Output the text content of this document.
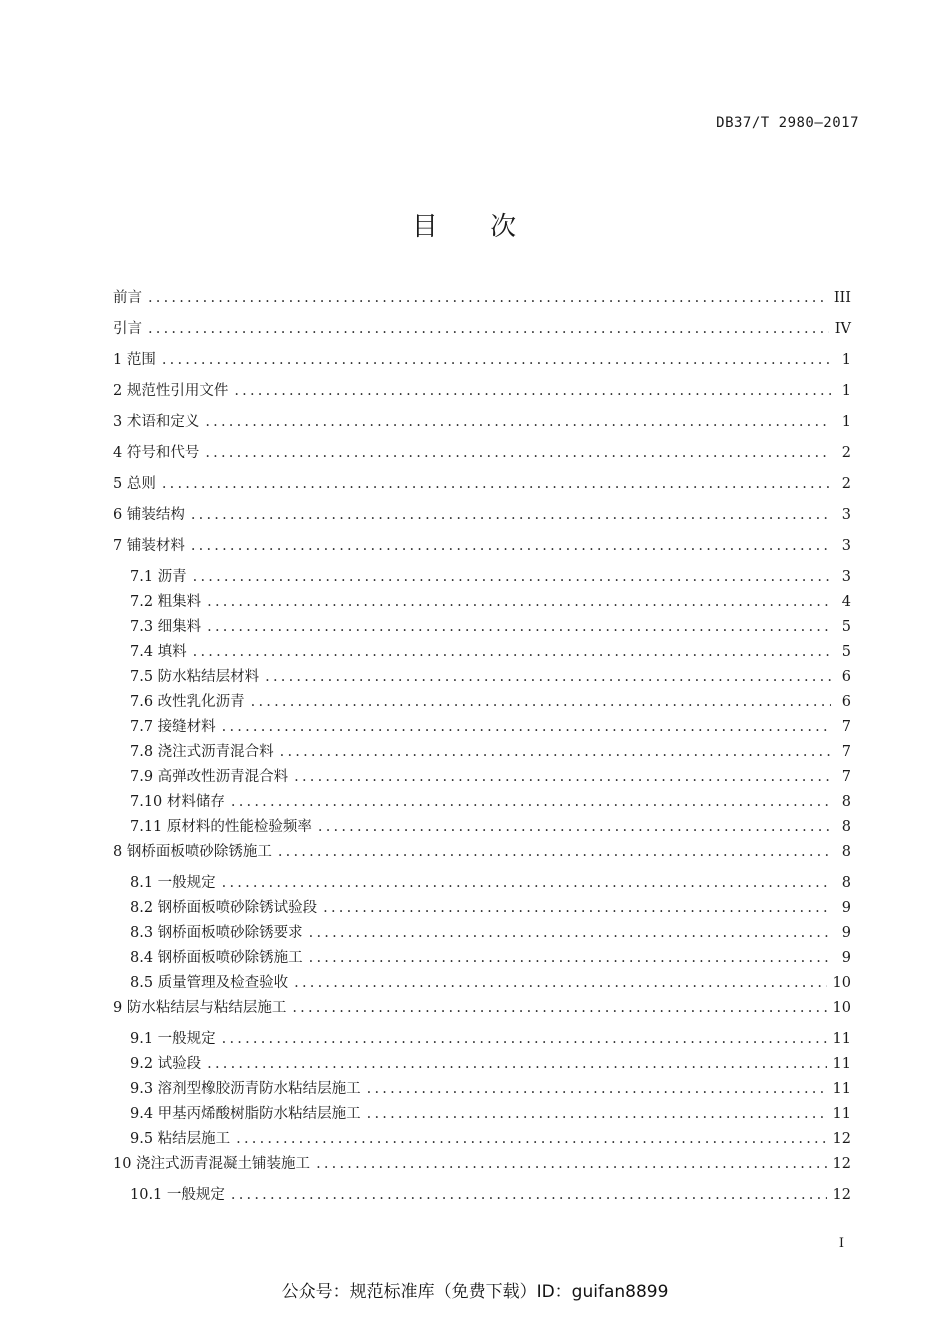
DB37/T 2980—2017
目 次
前言 .....	III
引言 .....	IV
1 范围 .....	1
2 规范性引用文件 .....	1
3 术语和定义 .....	1
4 符号和代号 .....	2
5 总则 .....	2
6 铺装结构 .....	3
7 铺装材料 .....	3
7.1 沥青 .....	3
7.2 粗集料 .....	4
7.3 细集料 .....	5
7.4 填料 .....	5
7.5 防水粘结层材料 .....	6
7.6 改性乳化沥青 .....	6
7.7 接缝材料 .....	7
7.8 浇注式沥青混合料 .....	7
7.9 高弹改性沥青混合料 .....	7
7.10 材料储存 .....	8
7.11 原材料的性能检验频率 .....	8
8 钢桥面板喷砂除锈施工 .....	8
8.1 一般规定 .....	8
8.2 钢桥面板喷砂除锈试验段 .....	9
8.3 钢桥面板喷砂除锈要求 .....	9
8.4 钢桥面板喷砂除锈施工 .....	9
8.5 质量管理及检查验收 .....	10
9 防水粘结层与粘结层施工 .....	10
9.1 一般规定 .....	11
9.2 试验段 .....	11
9.3 溶剂型橡胶沥青防水粘结层施工 .....	11
9.4 甲基丙烯酸树脂防水粘结层施工 .....	11
9.5 粘结层施工 .....	12
10 浇注式沥青混凝土铺装施工 .....	12
10.1 一般规定 .....	12
I
公众号：规范标准库（免费下载）ID：guifan8899
